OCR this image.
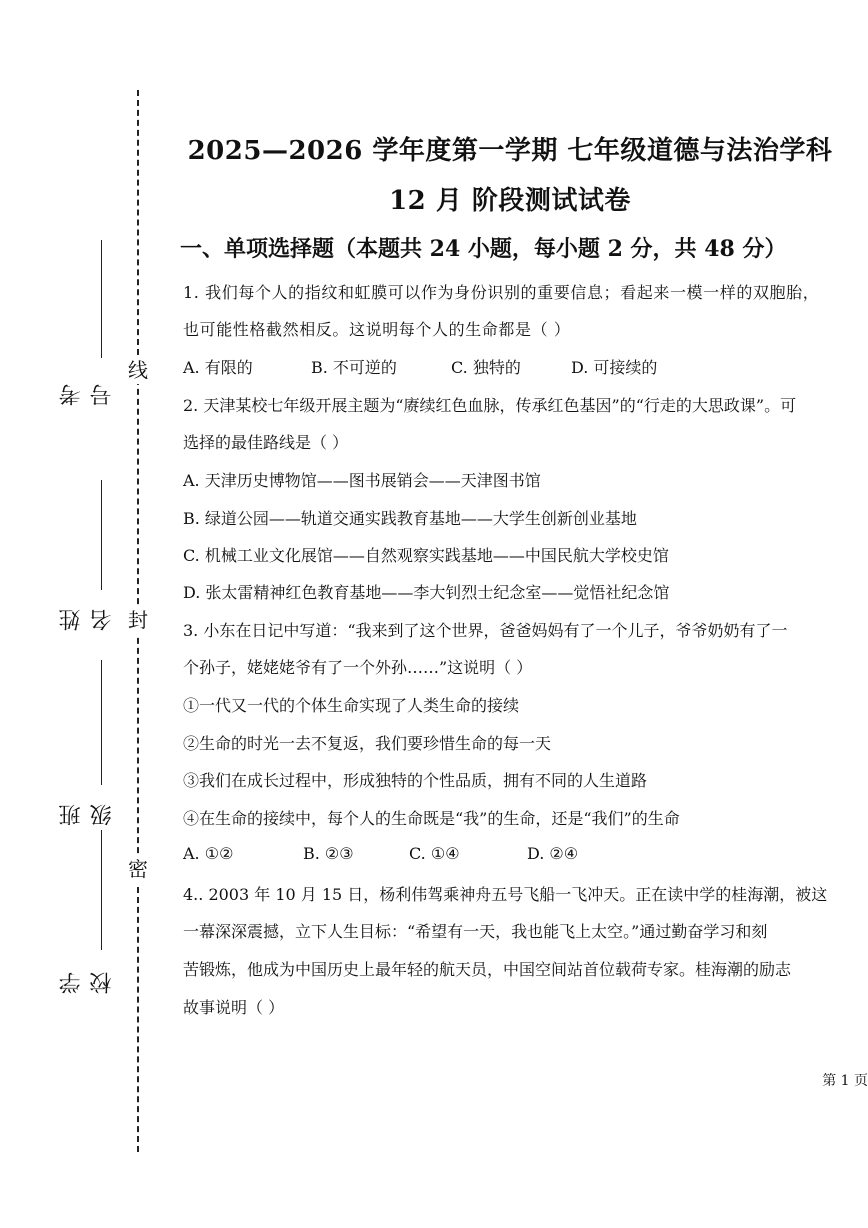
线
封
密
考号
姓名
班级
学校
2025—2026 学年度第一学期 七年级道德与法治学科
12 月 阶段测试试卷
一、单项选择题（本题共 24 小题，每小题 2 分，共 48 分）
1. 我们每个人的指纹和虹膜可以作为身份识别的重要信息；看起来一模一样的双胞胎，
也可能性格截然相反。这说明每个人的生命都是（ ）
A. 有限的	B. 不可逆的	C. 独特的	D. 可接续的
2. 天津某校七年级开展主题为“赓续红色血脉，传承红色基因”的“行走的大思政课”。可
选择的最佳路线是（ ）
A. 天津历史博物馆——图书展销会——天津图书馆
B. 绿道公园——轨道交通实践教育基地——大学生创新创业基地
C. 机械工业文化展馆——自然观察实践基地——中国民航大学校史馆
D. 张太雷精神红色教育基地——李大钊烈士纪念室——觉悟社纪念馆
3. 小东在日记中写道：“我来到了这个世界，爸爸妈妈有了一个儿子，爷爷奶奶有了一
个孙子，姥姥姥爷有了一个外孙……”这说明（ ）
①一代又一代的个体生命实现了人类生命的接续
②生命的时光一去不复返，我们要珍惜生命的每一天
③我们在成长过程中，形成独特的个性品质，拥有不同的人生道路
④在生命的接续中，每个人的生命既是“我”的生命，还是“我们”的生命
A. ①②	B. ②③	C. ①④	D. ②④
4.. 2003 年 10 月 15 日，杨利伟驾乘神舟五号飞船一飞冲天。正在读中学的桂海潮，被这
一幕深深震撼，立下人生目标：“希望有一天，我也能飞上太空。”通过勤奋学习和刻
苦锻炼，他成为中国历史上最年轻的航天员，中国空间站首位载荷专家。桂海潮的励志
故事说明（ ）
第 1 页
